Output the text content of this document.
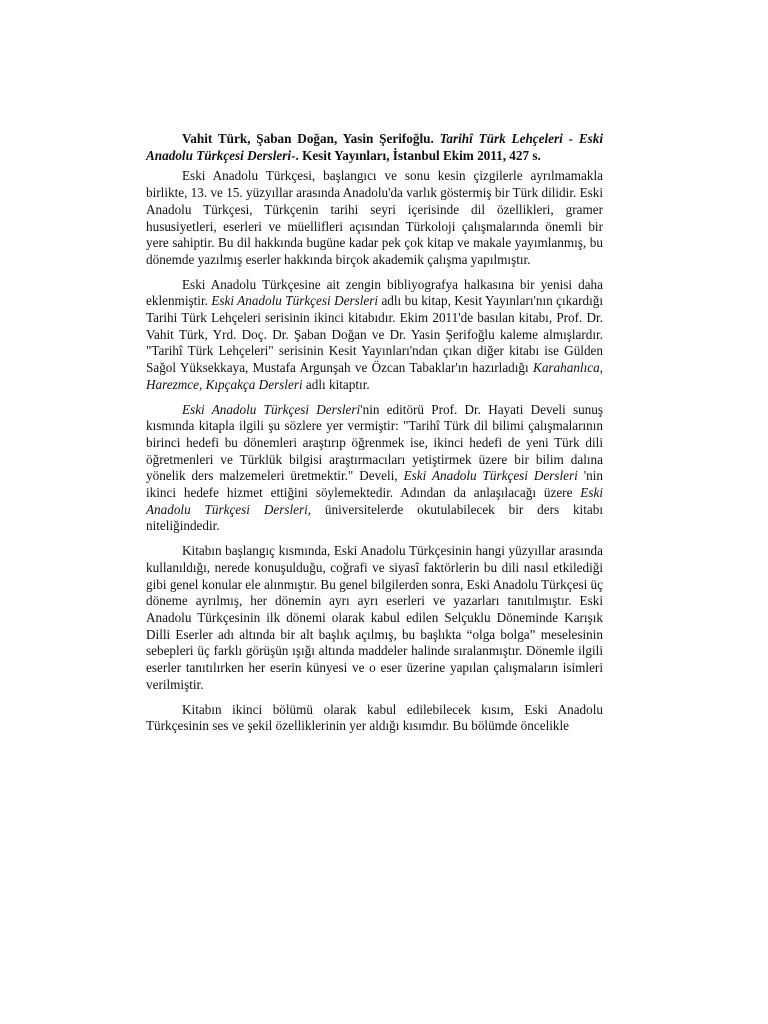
Vahit Türk, Şaban Doğan, Yasin Şerifoğlu. Tarihî Türk Lehçeleri - Eski Anadolu Türkçesi Dersleri-. Kesit Yayınları, İstanbul Ekim 2011, 427 s.

Eski Anadolu Türkçesi, başlangıcı ve sonu kesin çizgilerle ayrılmamakla birlikte, 13. ve 15. yüzyıllar arasında Anadolu'da varlık göstermiş bir Türk dilidir. Eski Anadolu Türkçesi, Türkçenin tarihi seyri içerisinde dil özellikleri, gramer hususiyetleri, eserleri ve müellifleri açısından Türkoloji çalışmalarında önemli bir yere sahiptir. Bu dil hakkında bugüne kadar pek çok kitap ve makale yayımlanmış, bu dönemde yazılmış eserler hakkında birçok akademik çalışma yapılmıştır.

Eski Anadolu Türkçesine ait zengin bibliyografya halkasına bir yenisi daha eklenmiştir. Eski Anadolu Türkçesi Dersleri adlı bu kitap, Kesit Yayınları'nın çıkardığı Tarihi Türk Lehçeleri serisinin ikinci kitabıdır. Ekim 2011'de basılan kitabı, Prof. Dr. Vahit Türk, Yrd. Doç. Dr. Şaban Doğan ve Dr. Yasin Şerifoğlu kaleme almışlardır. "Tarihî Türk Lehçeleri" serisinin Kesit Yayınları'ndan çıkan diğer kitabı ise Gülden Sağol Yüksekkaya, Mustafa Argunşah ve Özcan Tabaklar'ın hazırladığı Karahanlıca, Harezmce, Kıpçakça Dersleri adlı kitaptır.

Eski Anadolu Türkçesi Dersleri'nin editörü Prof. Dr. Hayati Develi sunuş kısmında kitapla ilgili şu sözlere yer vermiştir: "Tarihî Türk dil bilimi çalışmalarının birinci hedefi bu dönemleri araştırıp öğrenmek ise, ikinci hedefi de yeni Türk dili öğretmenleri ve Türklük bilgisi araştırmacıları yetiştirmek üzere bir bilim dalına yönelik ders malzemeleri üretmektir." Develi, Eski Anadolu Türkçesi Dersleri 'nin ikinci hedefe hizmet ettiğini söylemektedir. Adından da anlaşılacağı üzere Eski Anadolu Türkçesi Dersleri, üniversitelerde okutulabilecek bir ders kitabı niteliğindedir.

Kitabın başlangıç kısmında, Eski Anadolu Türkçesinin hangi yüzyıllar arasında kullanıldığı, nerede konuşulduğu, coğrafi ve siyasî faktörlerin bu dili nasıl etkilediği gibi genel konular ele alınmıştır. Bu genel bilgilerden sonra, Eski Anadolu Türkçesi üç döneme ayrılmış, her dönemin ayrı ayrı eserleri ve yazarları tanıtılmıştır. Eski Anadolu Türkçesinin ilk dönemi olarak kabul edilen Selçuklu Döneminde Karışık Dilli Eserler adı altında bir alt başlık açılmış, bu başlıkta “olga bolga” meselesinin sebepleri üç farklı görüşün ışığı altında maddeler halinde sıralanmıştır. Dönemle ilgili eserler tanıtılırken her eserin künyesi ve o eser üzerine yapılan çalışmaların isimleri verilmiştir.

Kitabın ikinci bölümü olarak kabul edilebilecek kısım, Eski Anadolu Türkçesinin ses ve şekil özelliklerinin yer aldığı kısımdır. Bu bölümde öncelikle
